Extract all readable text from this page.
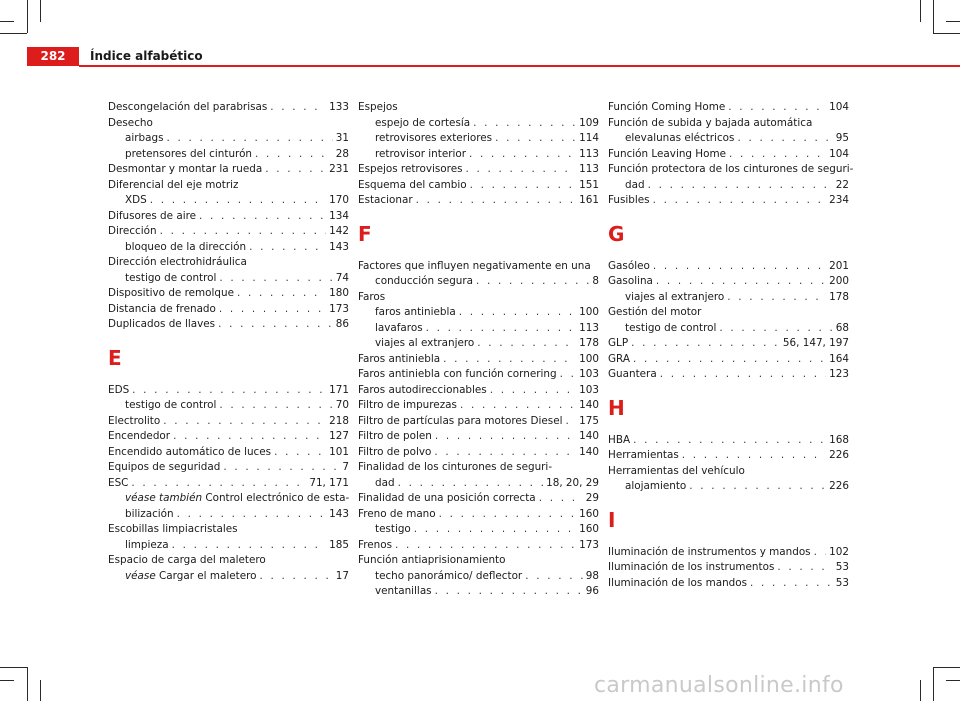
282	Índice alfabético
Descongelación del parabrisas . . .	133
Desecho
airbags . . .	31
pretensores del cinturón . . .	28
Desmontar y montar la rueda . . .	231
Diferencial del eje motriz
XDS . . .	170
Difusores de aire . . .	134
Dirección . . .	142
bloqueo de la dirección . . .	143
Dirección electrohidráulica
testigo de control . . .	74
Dispositivo de remolque . . .	180
Distancia de frenado . . .	173
Duplicados de llaves . . .	86
E
EDS . . .	171
testigo de control . . .	70
Electrolito . . .	218
Encendedor . . .	127
Encendido automático de luces . . .	101
Equipos de seguridad . . .	7
ESC . . .	71, 171
véase también Control electrónico de esta-
bilización . . .	143
Escobillas limpiacristales
limpieza . . .	185
Espacio de carga del maletero
véase Cargar el maletero . . .	17
Espejos
espejo de cortesía . . .	109
retrovisores exteriores . . .	114
retrovisor interior . . .	113
Espejos retrovisores . . .	113
Esquema del cambio . . .	151
Estacionar . . .	161
F
Factores que influyen negativamente en una
conducción segura . . .	8
Faros
faros antiniebla . . .	100
lavafaros . . .	113
viajes al extranjero . . .	178
Faros antiniebla . . .	100
Faros antiniebla con función cornering . . . 103
Faros autodireccionables . . .	103
Filtro de impurezas . . .	140
Filtro de partículas para motores Diesel . . . 175
Filtro de polen . . .	140
Filtro de polvo . . .	140
Finalidad de los cinturones de seguri-
dad . . .	18, 20, 29
Finalidad de una posición correcta . . .	29
Freno de mano . . .	160
testigo . . .	160
Frenos . . .	173
Función antiaprisionamiento
techo panorámico/ deflector . . .	98
ventanillas . . .	96
Función Coming Home . . .	104
Función de subida y bajada automática
elevalunas eléctricos . . .	95
Función Leaving Home . . .	104
Función protectora de los cinturones de seguri-
dad . . .	22
Fusibles . . .	234
G
Gasóleo . . .	201
Gasolina . . .	200
viajes al extranjero . . .	178
Gestión del motor
testigo de control . . .	68
GLP . . .	56, 147, 197
GRA . . .	164
Guantera . . .	123
H
HBA . . .	168
Herramientas . . .	226
Herramientas del vehículo
alojamiento . . .	226
I
Iluminación de instrumentos y mandos . . . 102
Iluminación de los instrumentos . . .	53
Iluminación de los mandos . . .	53
carmanualsonline.info
